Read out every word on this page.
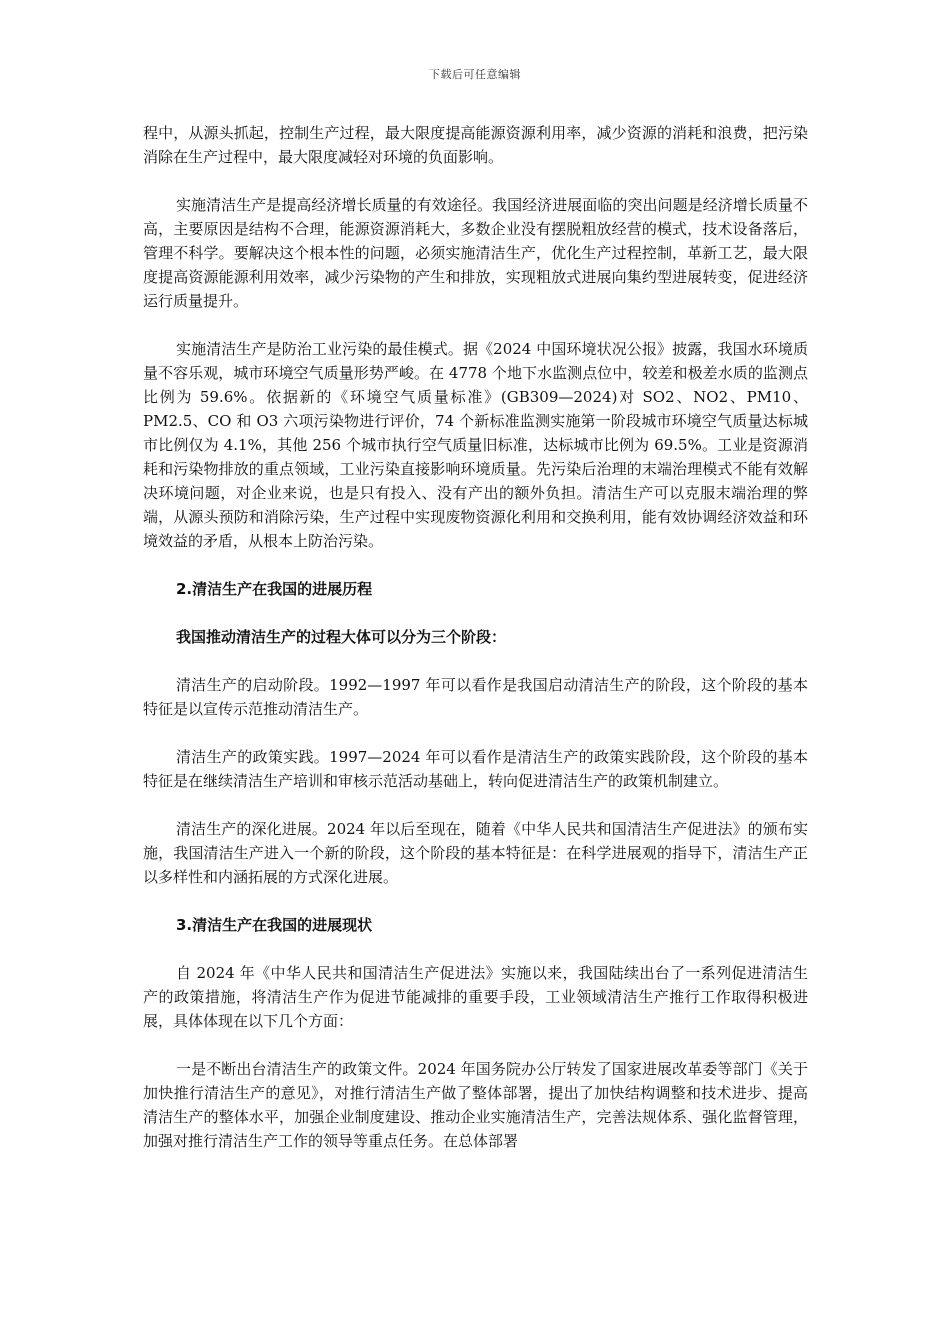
下载后可任意编辑

程中，从源头抓起，控制生产过程，最大限度提高能源资源利用率，减少资源的消耗和浪费，把污染消除在生产过程中，最大限度减轻对环境的负面影响。

实施清洁生产是提高经济增长质量的有效途径。我国经济进展面临的突出问题是经济增长质量不高，主要原因是结构不合理，能源资源消耗大，多数企业没有摆脱粗放经营的模式，技术设备落后，管理不科学。要解决这个根本性的问题，必须实施清洁生产，优化生产过程控制，革新工艺，最大限度提高资源能源利用效率，减少污染物的产生和排放，实现粗放式进展向集约型进展转变，促进经济运行质量提升。

实施清洁生产是防治工业污染的最佳模式。据《2024 中国环境状况公报》披露，我国水环境质量不容乐观，城市环境空气质量形势严峻。在 4778 个地下水监测点位中，较差和极差水质的监测点比例为 59.6%。依据新的《环境空气质量标准》(GB309—2024)对 SO2、NO2、PM10、PM2.5、CO 和 O3 六项污染物进行评价，74 个新标准监测实施第一阶段城市环境空气质量达标城市比例仅为 4.1%，其他 256 个城市执行空气质量旧标准，达标城市比例为 69.5%。工业是资源消耗和污染物排放的重点领域，工业污染直接影响环境质量。先污染后治理的末端治理模式不能有效解决环境问题，对企业来说，也是只有投入、没有产出的额外负担。清洁生产可以克服末端治理的弊端，从源头预防和消除污染，生产过程中实现废物资源化利用和交换利用，能有效协调经济效益和环境效益的矛盾，从根本上防治污染。

2.清洁生产在我国的进展历程

我国推动清洁生产的过程大体可以分为三个阶段：

清洁生产的启动阶段。1992—1997 年可以看作是我国启动清洁生产的阶段，这个阶段的基本特征是以宣传示范推动清洁生产。

清洁生产的政策实践。1997—2024 年可以看作是清洁生产的政策实践阶段，这个阶段的基本特征是在继续清洁生产培训和审核示范活动基础上，转向促进清洁生产的政策机制建立。

清洁生产的深化进展。2024 年以后至现在，随着《中华人民共和国清洁生产促进法》的颁布实施，我国清洁生产进入一个新的阶段，这个阶段的基本特征是：在科学进展观的指导下，清洁生产正以多样性和内涵拓展的方式深化进展。

3.清洁生产在我国的进展现状

自 2024 年《中华人民共和国清洁生产促进法》实施以来，我国陆续出台了一系列促进清洁生产的政策措施，将清洁生产作为促进节能减排的重要手段，工业领域清洁生产推行工作取得积极进展，具体体现在以下几个方面：

一是不断出台清洁生产的政策文件。2024 年国务院办公厅转发了国家进展改革委等部门《关于加快推行清洁生产的意见》，对推行清洁生产做了整体部署，提出了加快结构调整和技术进步、提高清洁生产的整体水平，加强企业制度建设、推动企业实施清洁生产，完善法规体系、强化监督管理，加强对推行清洁生产工作的领导等重点任务。在总体部署
